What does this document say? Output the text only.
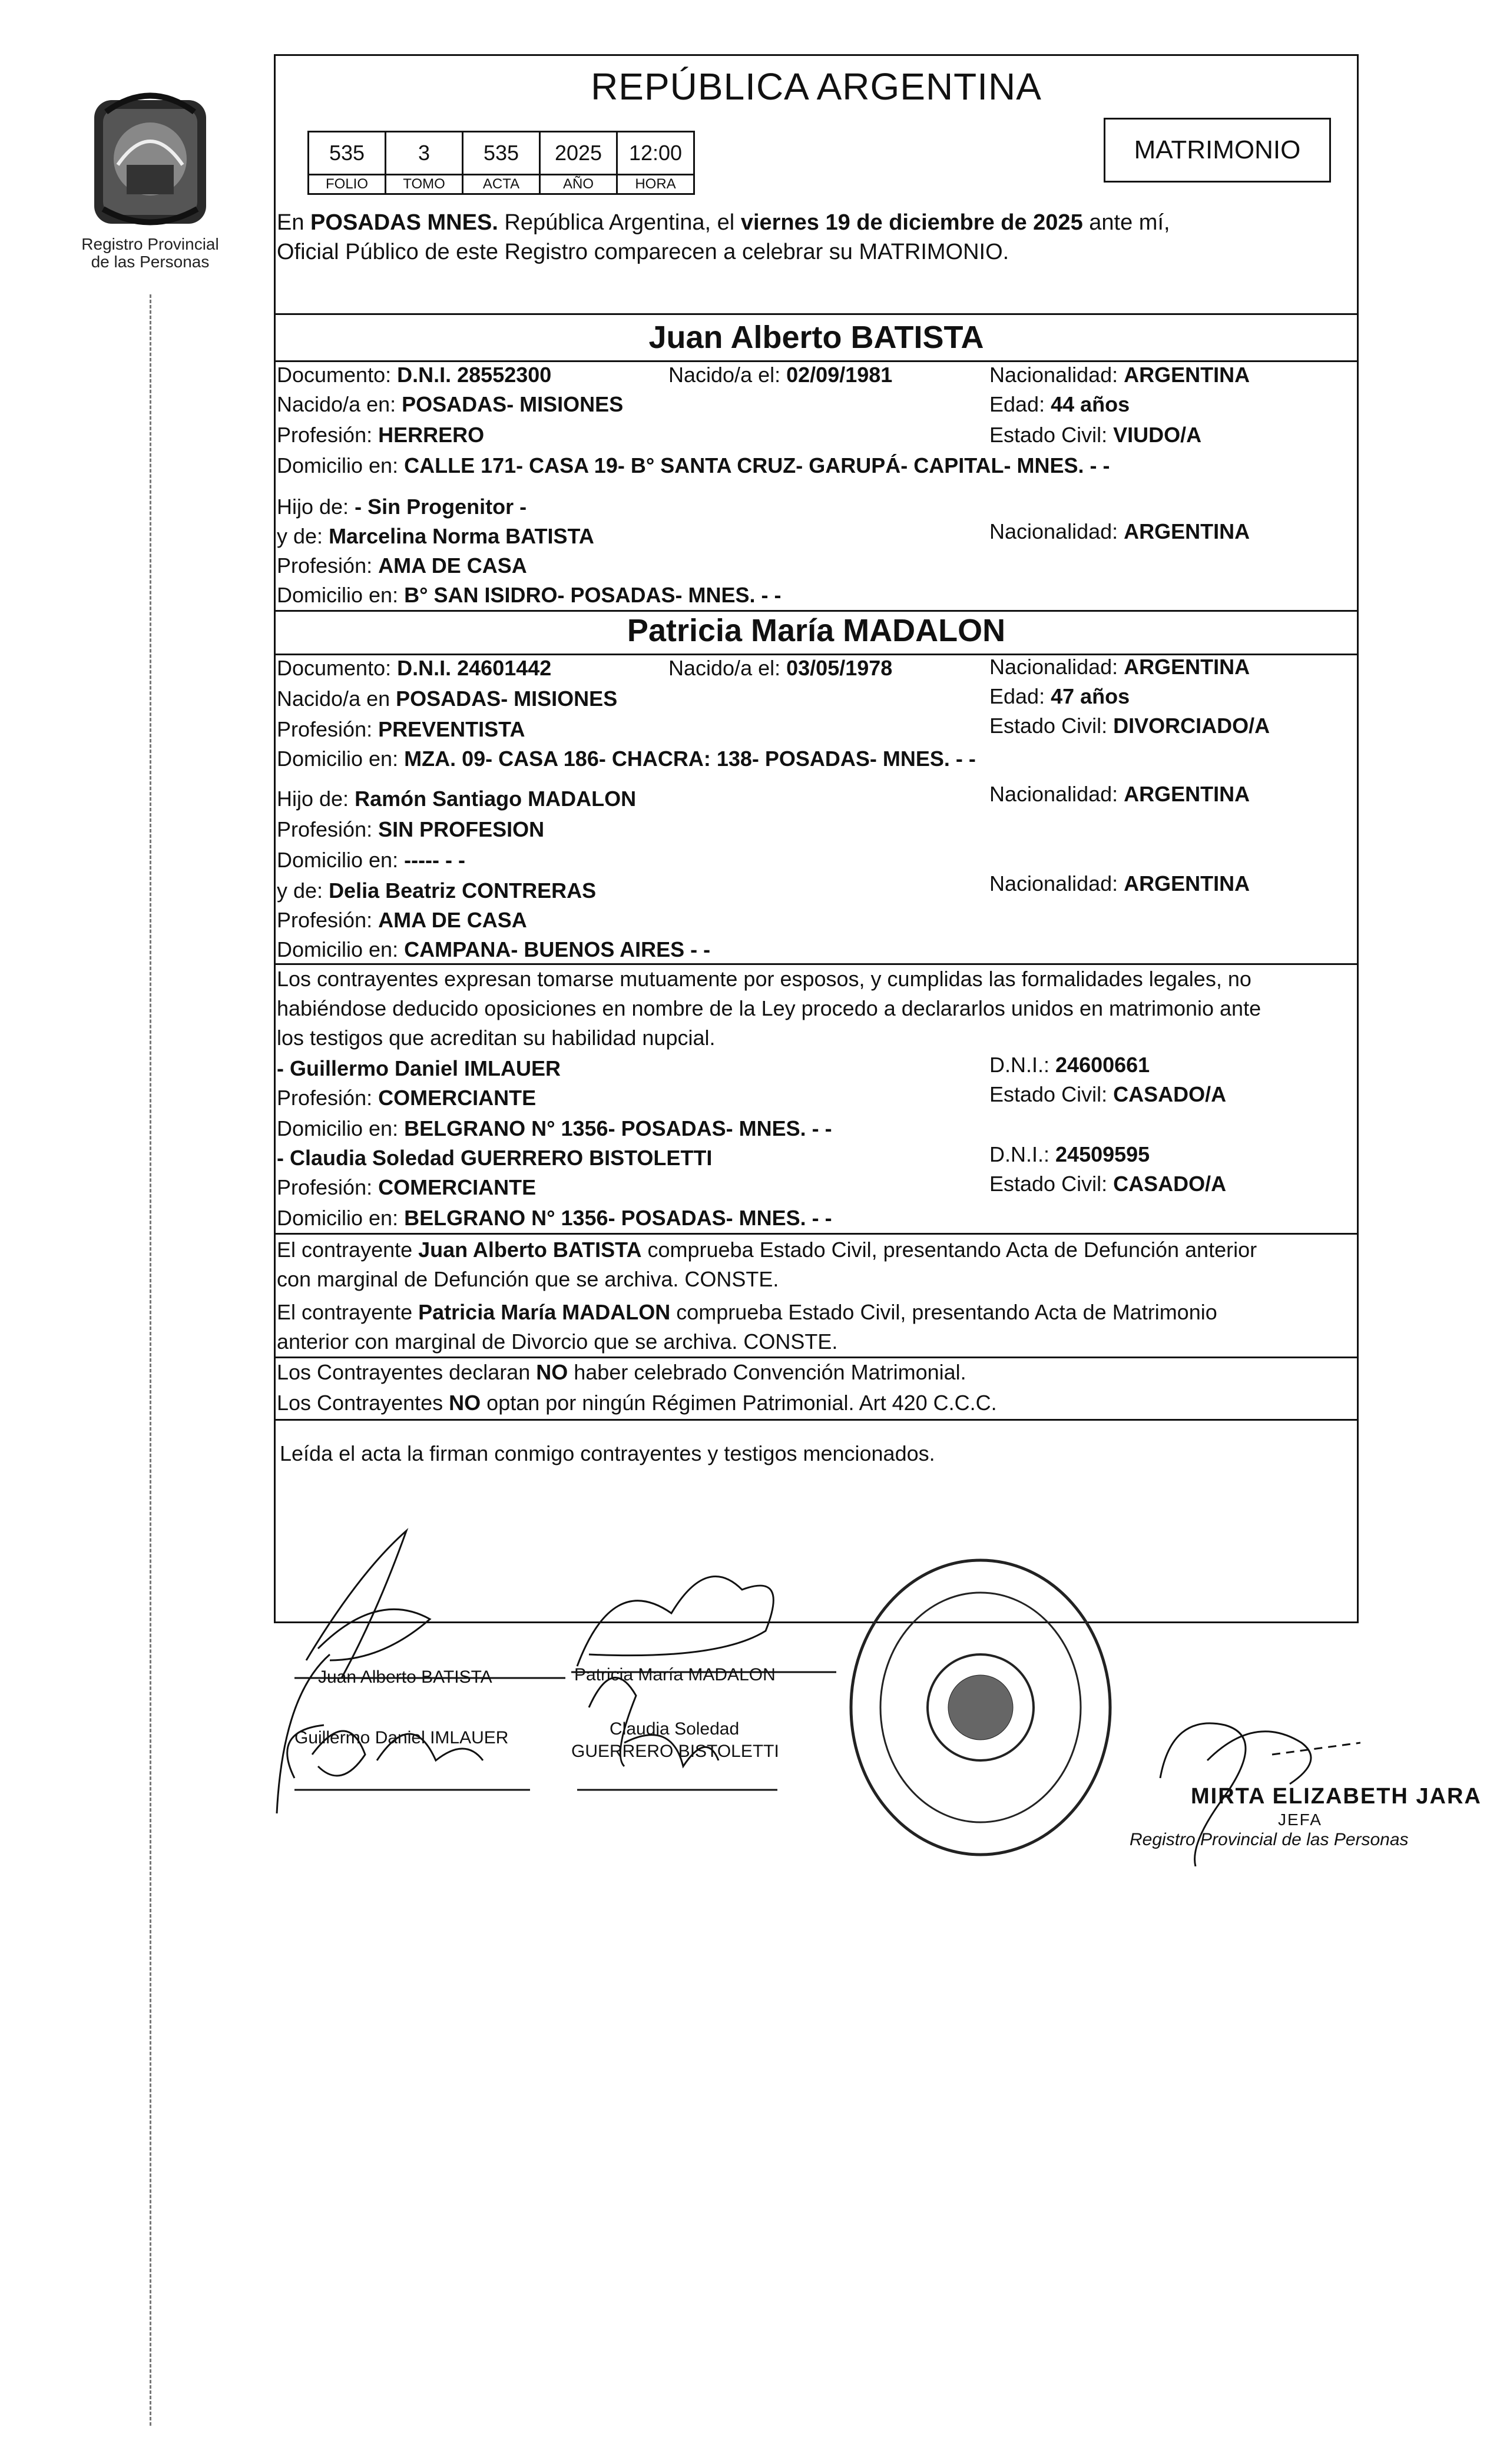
Registro Provincial
de las Personas
REPÚBLICA ARGENTINA
535	3	535	2025	12:00
FOLIO	TOMO	ACTA	AÑO	HORA
MATRIMONIO
En POSADAS MNES. República Argentina, el viernes 19 de diciembre de 2025 ante mí,
Oficial Público de este Registro comparecen a celebrar su MATRIMONIO.
Juan Alberto BATISTA
Documento: D.N.I. 28552300	Nacido/a el: 02/09/1981	Nacionalidad: ARGENTINA
Nacido/a en: POSADAS- MISIONES	Edad: 44 años
Profesión: HERRERO	Estado Civil: VIUDO/A
Domicilio en: CALLE 171- CASA 19- B° SANTA CRUZ- GARUPÁ- CAPITAL- MNES. - -
Hijo de: - Sin Progenitor -
y de: Marcelina Norma BATISTA	Nacionalidad: ARGENTINA
Profesión: AMA DE CASA
Domicilio en: B° SAN ISIDRO- POSADAS- MNES. - -
Patricia María MADALON
Documento: D.N.I. 24601442	Nacido/a el: 03/05/1978	Nacionalidad: ARGENTINA
Nacido/a en POSADAS- MISIONES	Edad: 47 años
Profesión: PREVENTISTA	Estado Civil: DIVORCIADO/A
Domicilio en: MZA. 09- CASA 186- CHACRA: 138- POSADAS- MNES. - -
Hijo de: Ramón Santiago MADALON	Nacionalidad: ARGENTINA
Profesión: SIN PROFESION
Domicilio en: ----- - -
y de: Delia Beatriz CONTRERAS	Nacionalidad: ARGENTINA
Profesión: AMA DE CASA
Domicilio en: CAMPANA- BUENOS AIRES - -
Los contrayentes expresan tomarse mutuamente por esposos, y cumplidas las formalidades legales, no
habiéndose deducido oposiciones en nombre de la Ley procedo a declararlos unidos en matrimonio ante
los testigos que acreditan su habilidad nupcial.
- Guillermo Daniel IMLAUER	D.N.I.: 24600661
Profesión: COMERCIANTE	Estado Civil: CASADO/A
Domicilio en: BELGRANO N° 1356- POSADAS- MNES. - -
- Claudia Soledad GUERRERO BISTOLETTI	D.N.I.: 24509595
Profesión: COMERCIANTE	Estado Civil: CASADO/A
Domicilio en: BELGRANO N° 1356- POSADAS- MNES. - -
El contrayente Juan Alberto BATISTA comprueba Estado Civil, presentando Acta de Defunción anterior
con marginal de Defunción que se archiva. CONSTE.
El contrayente Patricia María MADALON comprueba Estado Civil, presentando Acta de Matrimonio
anterior con marginal de Divorcio que se archiva. CONSTE.
Los Contrayentes declaran NO haber celebrado Convención Matrimonial.
Los Contrayentes NO optan por ningún Régimen Patrimonial. Art 420 C.C.C.
Leída el acta la firman conmigo contrayentes y testigos mencionados.
Juan Alberto BATISTA	Patricia María MADALON
Guillermo Daniel IMLAUER	Claudia Soledad
GUERRERO BISTOLETTI
MIRTA ELIZABETH JARA
JEFA
Registro Provincial de las Personas
